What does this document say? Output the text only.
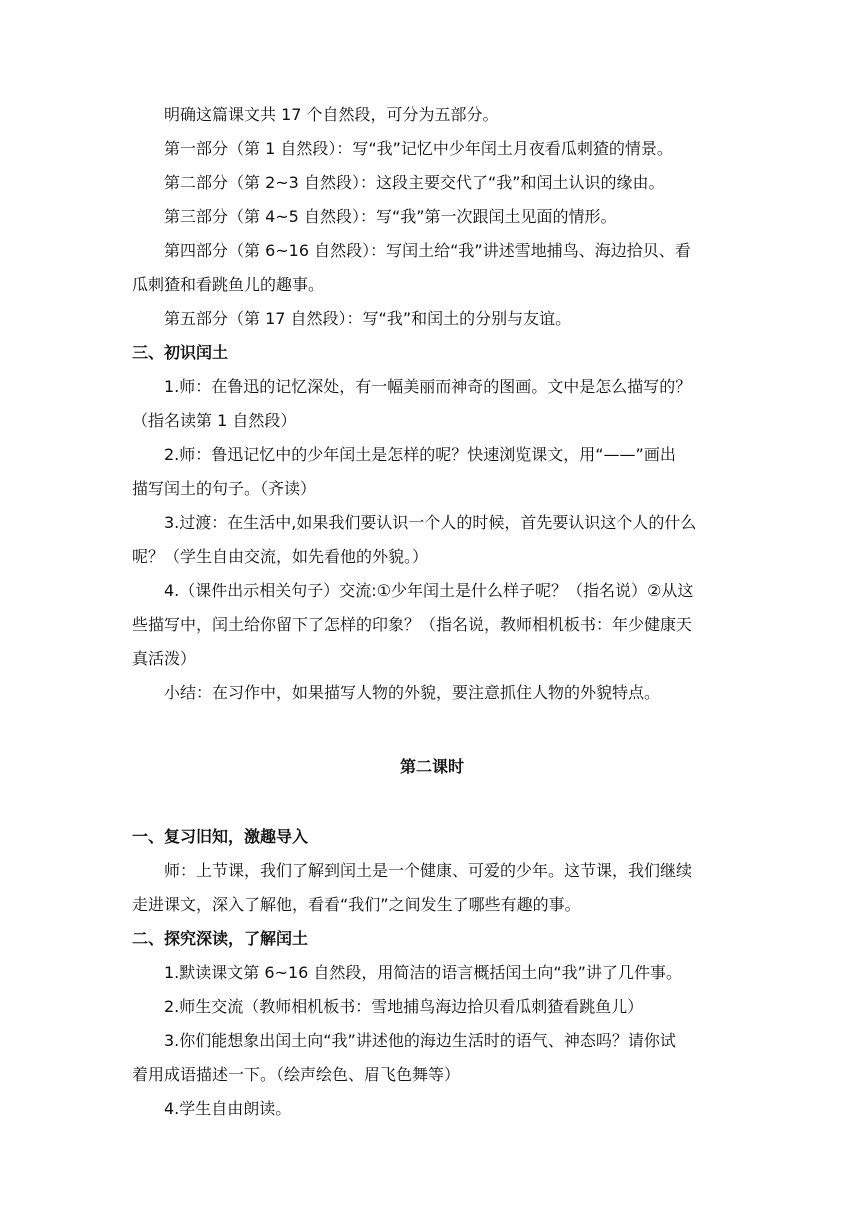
明确这篇课文共 17 个自然段，可分为五部分。
第一部分（第 1 自然段）：写“我”记忆中少年闰土月夜看瓜刺猹的情景。
第二部分（第 2~3 自然段）：这段主要交代了“我”和闰土认识的缘由。
第三部分（第 4~5 自然段）：写“我”第一次跟闰土见面的情形。
第四部分（第 6~16 自然段）：写闰土给“我”讲述雪地捕鸟、海边拾贝、看
瓜刺猹和看跳鱼儿的趣事。
第五部分（第 17 自然段）：写“我”和闰土的分别与友谊。
三、初识闰土
1.师：在鲁迅的记忆深处，有一幅美丽而神奇的图画。文中是怎么描写的？
（指名读第 1 自然段）
2.师：鲁迅记忆中的少年闰土是怎样的呢？快速浏览课文，用“——”画出
描写闰土的句子。（齐读）
3.过渡：在生活中,如果我们要认识一个人的时候，首先要认识这个人的什么
呢？（学生自由交流，如先看他的外貌。）
4.（课件出示相关句子）交流:①少年闰土是什么样子呢？（指名说）②从这
些描写中，闰土给你留下了怎样的印象？（指名说，教师相机板书：年少健康天
真活泼）
小结：在习作中，如果描写人物的外貌，要注意抓住人物的外貌特点。
第二课时
一、复习旧知，激趣导入
师：上节课，我们了解到闰土是一个健康、可爱的少年。这节课，我们继续
走进课文，深入了解他，看看“我们”之间发生了哪些有趣的事。
二、探究深读，了解闰土
1.默读课文第 6~16 自然段，用简洁的语言概括闰土向“我”讲了几件事。
2.师生交流（教师相机板书：雪地捕鸟海边拾贝看瓜刺猹看跳鱼儿）
3.你们能想象出闰土向“我”讲述他的海边生活时的语气、神态吗？请你试
着用成语描述一下。（绘声绘色、眉飞色舞等）
4.学生自由朗读。
